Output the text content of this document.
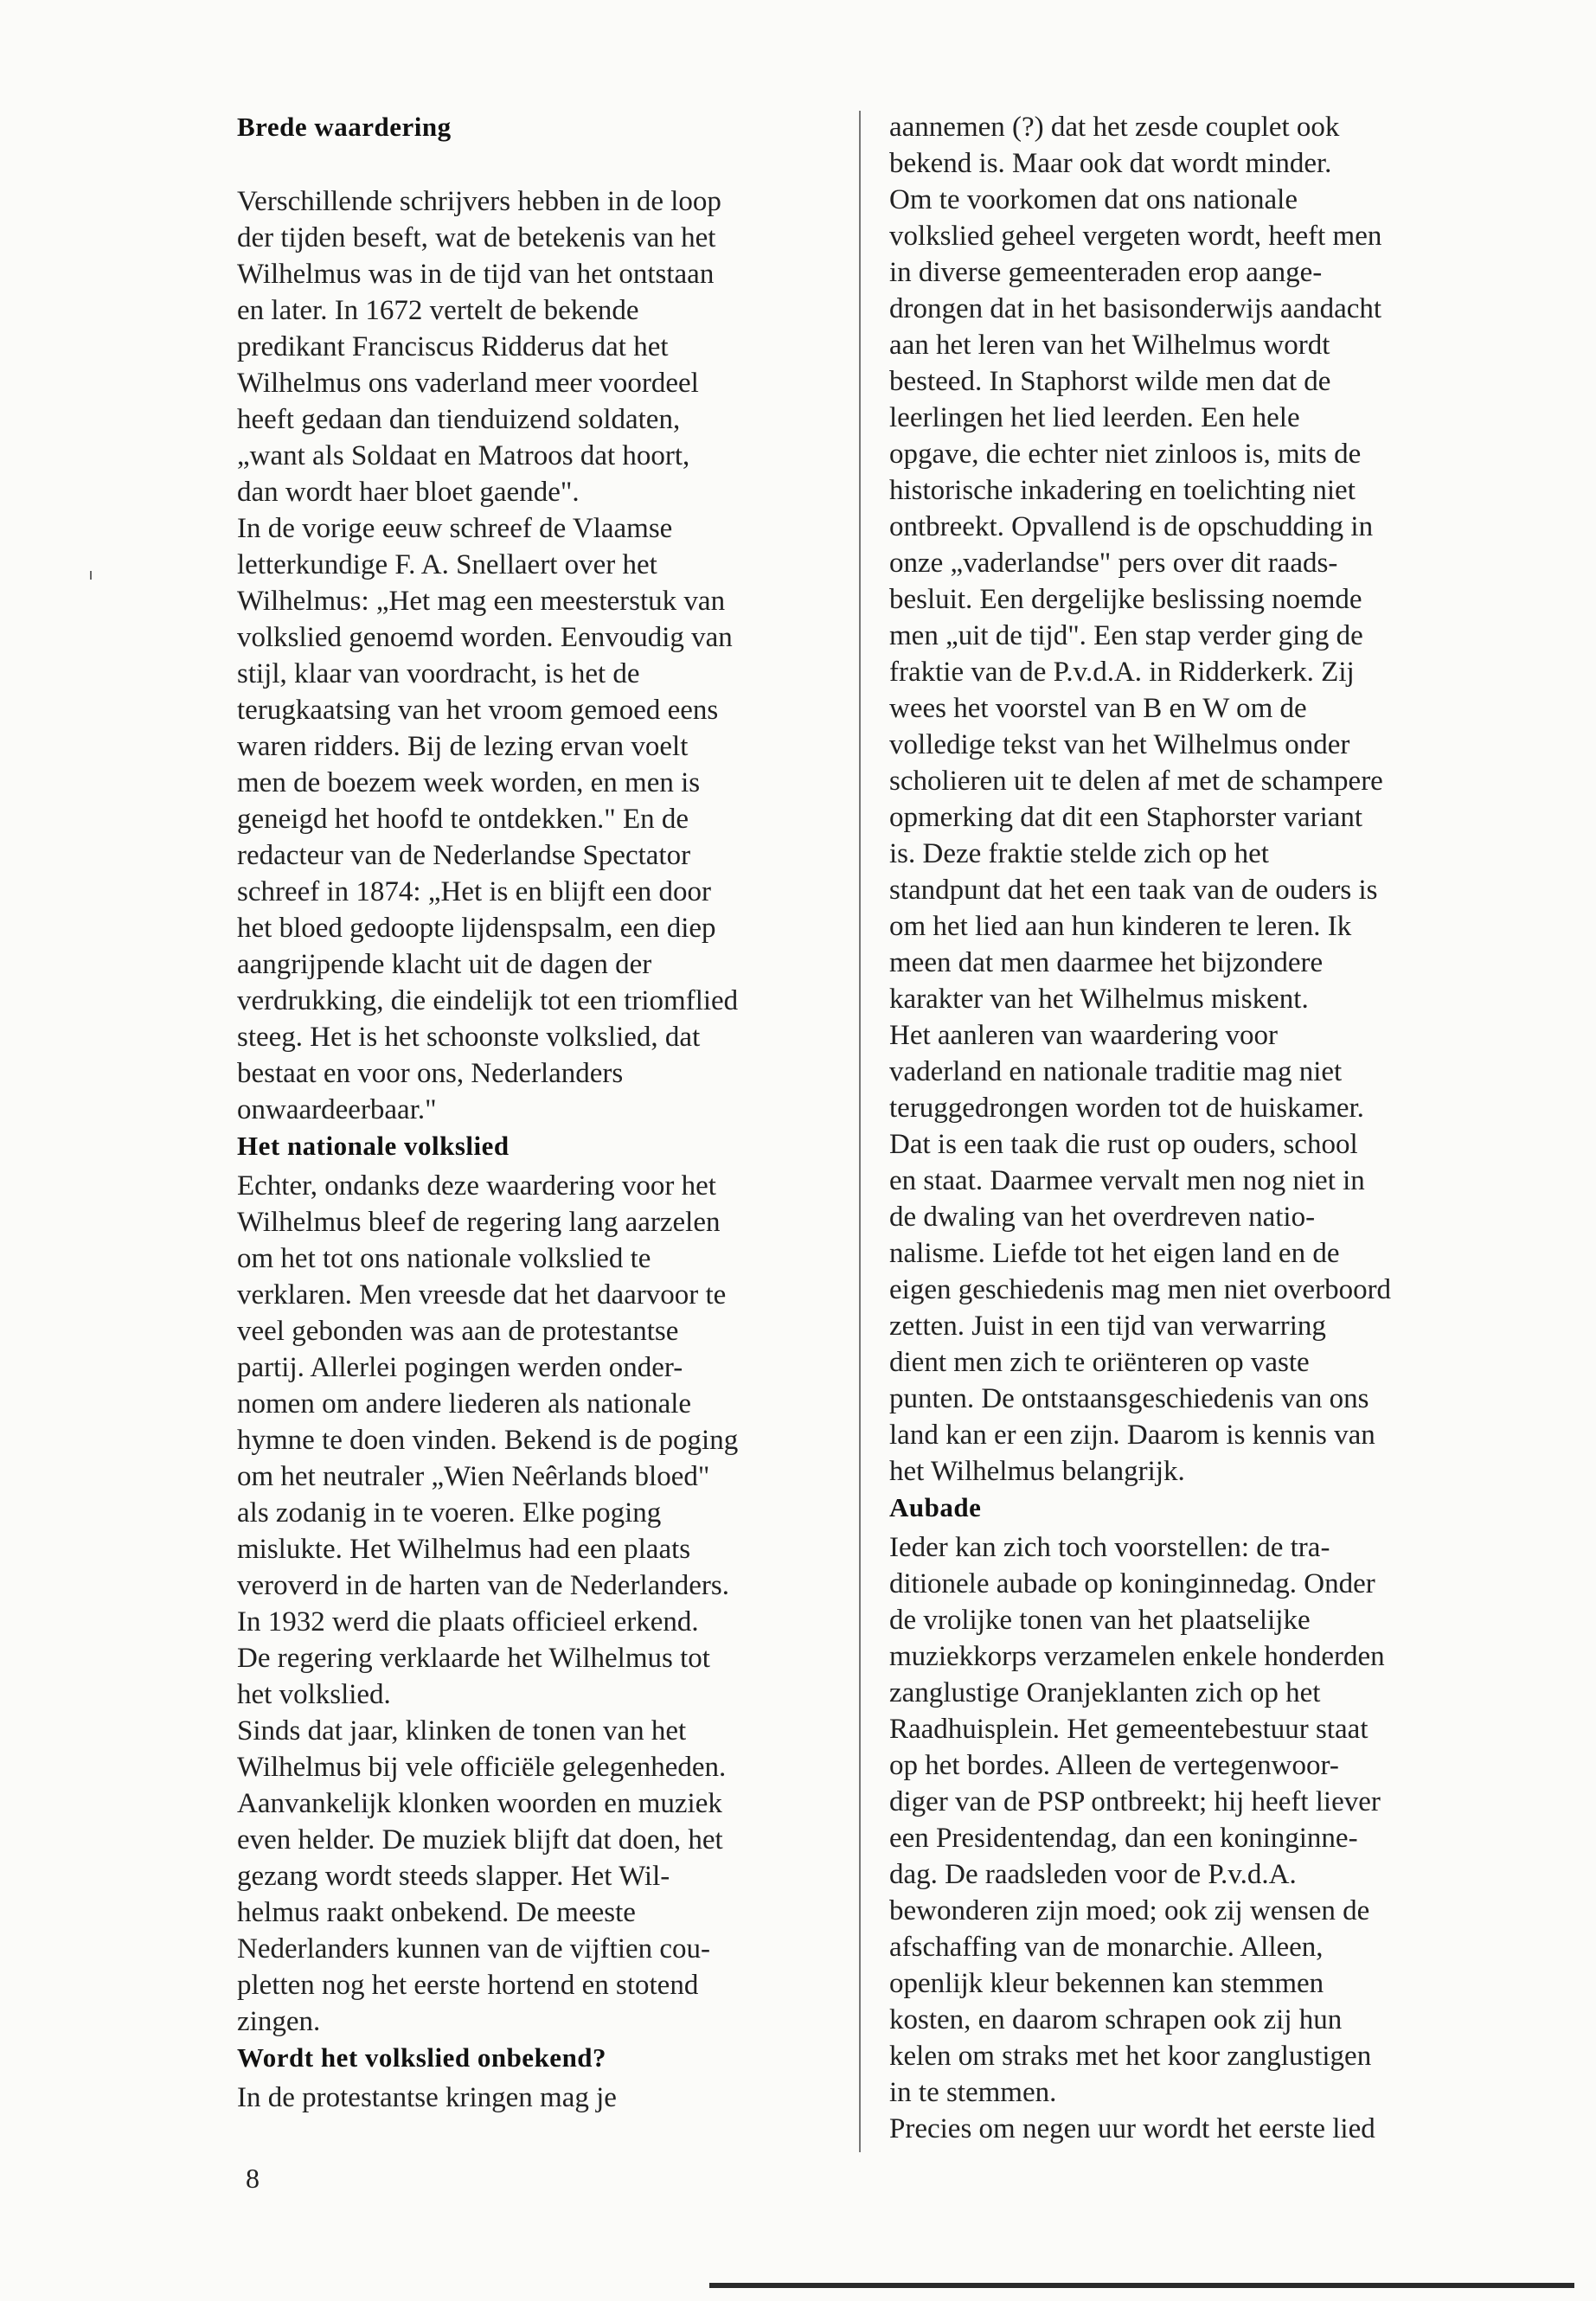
Brede waardering
Verschillende schrijvers hebben in de loop
der tijden beseft, wat de betekenis van het
Wilhelmus was in de tijd van het ontstaan
en later. In 1672 vertelt de bekende
predikant Franciscus Ridderus dat het
Wilhelmus ons vaderland meer voordeel
heeft gedaan dan tienduizend soldaten,
„want als Soldaat en Matroos dat hoort,
dan wordt haer bloet gaende".
In de vorige eeuw schreef de Vlaamse
letterkundige F. A. Snellaert over het
Wilhelmus: „Het mag een meesterstuk van
volkslied genoemd worden. Eenvoudig van
stijl, klaar van voordracht, is het de
terugkaatsing van het vroom gemoed eens
waren ridders. Bij de lezing ervan voelt
men de boezem week worden, en men is
geneigd het hoofd te ontdekken." En de
redacteur van de Nederlandse Spectator
schreef in 1874: „Het is en blijft een door
het bloed gedoopte lijdenspsalm, een diep
aangrijpende klacht uit de dagen der
verdrukking, die eindelijk tot een triomflied
steeg. Het is het schoonste volkslied, dat
bestaat en voor ons, Nederlanders
onwaardeerbaar."
Het nationale volkslied
Echter, ondanks deze waardering voor het
Wilhelmus bleef de regering lang aarzelen
om het tot ons nationale volkslied te
verklaren. Men vreesde dat het daarvoor te
veel gebonden was aan de protestantse
partij. Allerlei pogingen werden onder-
nomen om andere liederen als nationale
hymne te doen vinden. Bekend is de poging
om het neutraler „Wien Neêrlands bloed"
als zodanig in te voeren. Elke poging
mislukte. Het Wilhelmus had een plaats
veroverd in de harten van de Nederlanders.
In 1932 werd die plaats officieel erkend.
De regering verklaarde het Wilhelmus tot
het volkslied.
Sinds dat jaar, klinken de tonen van het
Wilhelmus bij vele officiële gelegenheden.
Aanvankelijk klonken woorden en muziek
even helder. De muziek blijft dat doen, het
gezang wordt steeds slapper. Het Wil-
helmus raakt onbekend. De meeste
Nederlanders kunnen van de vijftien cou-
pletten nog het eerste hortend en stotend
zingen.
Wordt het volkslied onbekend?
In de protestantse kringen mag je
aannemen (?) dat het zesde couplet ook
bekend is. Maar ook dat wordt minder.
Om te voorkomen dat ons nationale
volkslied geheel vergeten wordt, heeft men
in diverse gemeenteraden erop aange-
drongen dat in het basisonderwijs aandacht
aan het leren van het Wilhelmus wordt
besteed. In Staphorst wilde men dat de
leerlingen het lied leerden. Een hele
opgave, die echter niet zinloos is, mits de
historische inkadering en toelichting niet
ontbreekt. Opvallend is de opschudding in
onze „vaderlandse" pers over dit raads-
besluit. Een dergelijke beslissing noemde
men „uit de tijd". Een stap verder ging de
fraktie van de P.v.d.A. in Ridderkerk. Zij
wees het voorstel van B en W om de
volledige tekst van het Wilhelmus onder
scholieren uit te delen af met de schampere
opmerking dat dit een Staphorster variant
is. Deze fraktie stelde zich op het
standpunt dat het een taak van de ouders is
om het lied aan hun kinderen te leren. Ik
meen dat men daarmee het bijzondere
karakter van het Wilhelmus miskent.
Het aanleren van waardering voor
vaderland en nationale traditie mag niet
teruggedrongen worden tot de huiskamer.
Dat is een taak die rust op ouders, school
en staat. Daarmee vervalt men nog niet in
de dwaling van het overdreven natio-
nalisme. Liefde tot het eigen land en de
eigen geschiedenis mag men niet overboord
zetten. Juist in een tijd van verwarring
dient men zich te oriënteren op vaste
punten. De ontstaansgeschiedenis van ons
land kan er een zijn. Daarom is kennis van
het Wilhelmus belangrijk.
Aubade
Ieder kan zich toch voorstellen: de tra-
ditionele aubade op koninginnedag. Onder
de vrolijke tonen van het plaatselijke
muziekkorps verzamelen enkele honderden
zanglustige Oranjeklanten zich op het
Raadhuisplein. Het gemeentebestuur staat
op het bordes. Alleen de vertegenwoor-
diger van de PSP ontbreekt; hij heeft liever
een Presidentendag, dan een koninginne-
dag. De raadsleden voor de P.v.d.A.
bewonderen zijn moed; ook zij wensen de
afschaffing van de monarchie. Alleen,
openlijk kleur bekennen kan stemmen
kosten, en daarom schrapen ook zij hun
kelen om straks met het koor zanglustigen
in te stemmen.
Precies om negen uur wordt het eerste lied
8
